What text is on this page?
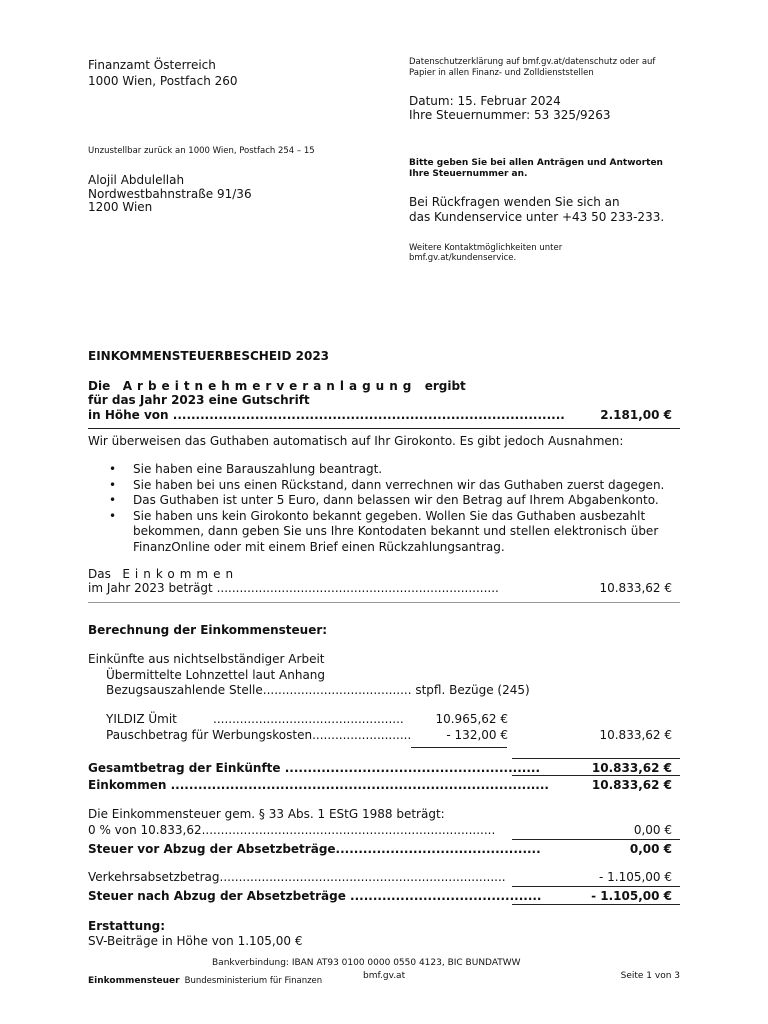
Finanzamt Österreich
1000 Wien, Postfach 260
Datenschutzerklärung auf bmf.gv.at/datenschutz oder auf
Papier in allen Finanz- und Zolldienststellen
Datum: 15. Februar 2024
Ihre Steuernummer: 53 325/9263
Unzustellbar zurück an 1000 Wien, Postfach 254 – 15
Alojil Abdulellah
Nordwestbahnstraße 91/36
1200 Wien
Bitte geben Sie bei allen Anträgen und Antworten
Ihre Steuernummer an.
Bei Rückfragen wenden Sie sich an
das Kundenservice unter +43 50 233-233.
Weitere Kontaktmöglichkeiten unter
bmf.gv.at/kundenservice.
EINKOMMENSTEUERBESCHEID 2023
Die Arbeitnehmerveranlagung ergibt
für das Jahr 2023 eine Gutschrift
in Höhe von ......................................................................................	2.181,00 €
Wir überweisen das Guthaben automatisch auf Ihr Girokonto. Es gibt jedoch Ausnahmen:
• Sie haben eine Barauszahlung beantragt.
• Sie haben bei uns einen Rückstand, dann verrechnen wir das Guthaben zuerst dagegen.
• Das Guthaben ist unter 5 Euro, dann belassen wir den Betrag auf Ihrem Abgabenkonto.
• Sie haben uns kein Girokonto bekannt gegeben. Wollen Sie das Guthaben ausbezahlt bekommen, dann geben Sie uns Ihre Kontodaten bekannt und stellen elektronisch über FinanzOnline oder mit einem Brief einen Rückzahlungsantrag.
Das Einkommen
im Jahr 2023 beträgt ..........................................................................	10.833,62 €
Berechnung der Einkommensteuer:
Einkünfte aus nichtselbständiger Arbeit
Übermittelte Lohnzettel laut Anhang
Bezugsauszahlende Stelle....................................... stpfl. Bezüge (245)
YILDIZ Ümit	..................................................	10.965,62 €
Pauschbetrag für Werbungskosten..........................	- 132,00 €	10.833,62 €
Gesamtbetrag der Einkünfte ........................................................	10.833,62 €
Einkommen ...................................................................................	10.833,62 €
Die Einkommensteuer gem. § 33 Abs. 1 EStG 1988 beträgt:
0 % von 10.833,62.............................................................................	0,00 €
Steuer vor Abzug der Absetzbeträge.............................................	0,00 €
Verkehrsabsetzbetrag...........................................................................	- 1.105,00 €
Steuer nach Abzug der Absetzbeträge ..........................................	- 1.105,00 €
Erstattung:
SV-Beiträge in Höhe von 1.105,00 €
Bankverbindung: IBAN AT93 0100 0000 0550 4123, BIC BUNDATWW
Einkommensteuer Bundesministerium für Finanzen	bmf.gv.at	Seite 1 von 3
